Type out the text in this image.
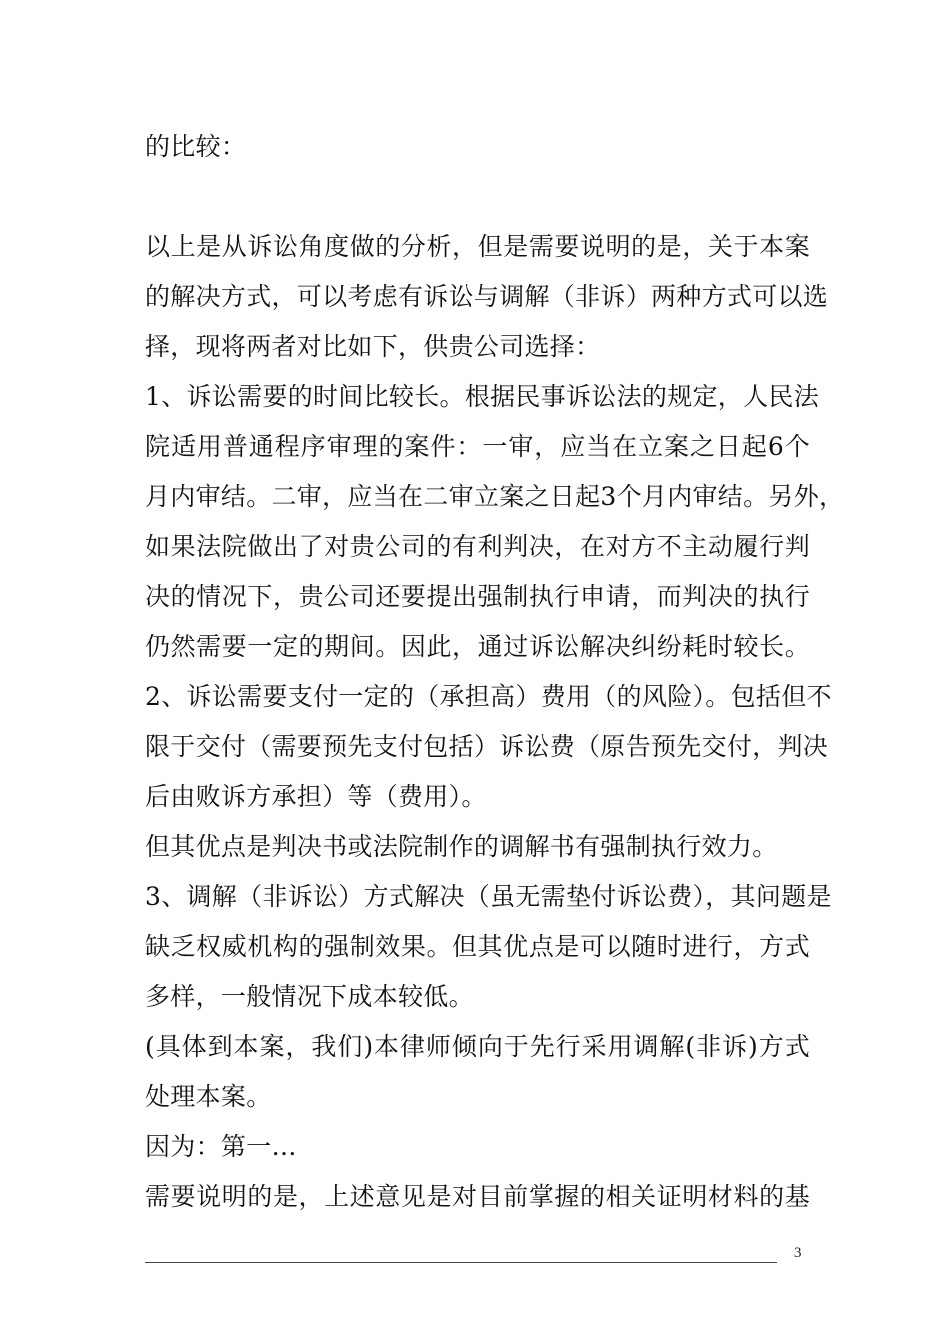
的比较：
以上是从诉讼角度做的分析，但是需要说明的是，关于本案
的解决方式，可以考虑有诉讼与调解（非诉）两种方式可以选
择，现将两者对比如下，供贵公司选择：
1、诉讼需要的时间比较长。根据民事诉讼法的规定，人民法
院适用普通程序审理的案件：一审，应当在立案之日起6个
月内审结。二审，应当在二审立案之日起3个月内审结。另外，
如果法院做出了对贵公司的有利判决，在对方不主动履行判
决的情况下，贵公司还要提出强制执行申请，而判决的执行
仍然需要一定的期间。因此，通过诉讼解决纠纷耗时较长。
2、诉讼需要支付一定的（承担高）费用（的风险）。包括但不
限于交付（需要预先支付包括）诉讼费（原告预先交付，判决
后由败诉方承担）等（费用）。
但其优点是判决书或法院制作的调解书有强制执行效力。
3、调解（非诉讼）方式解决（虽无需垫付诉讼费），其问题是
缺乏权威机构的强制效果。但其优点是可以随时进行，方式
多样，一般情况下成本较低。
(具体到本案，我们)本律师倾向于先行采用调解(非诉)方式
处理本案。
因为：第一…
需要说明的是，上述意见是对目前掌握的相关证明材料的基
3
